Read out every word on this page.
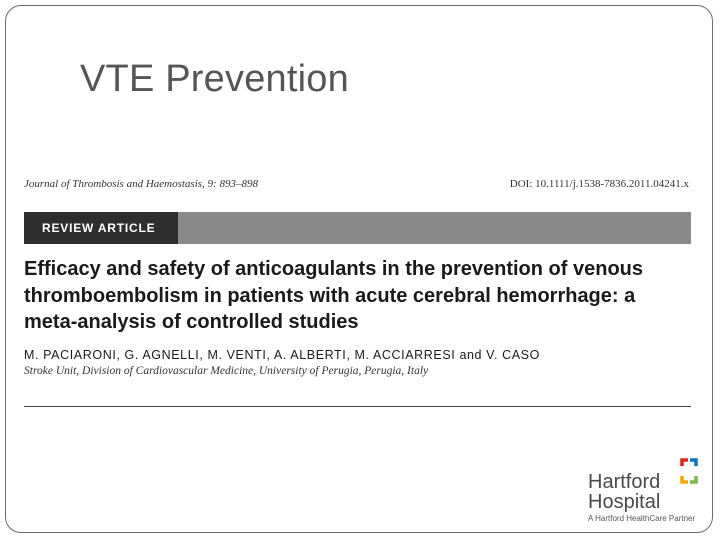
VTE Prevention
Journal of Thrombosis and Haemostasis, 9: 893–898	DOI: 10.1111/j.1538-7836.2011.04241.x
REVIEW ARTICLE
Efficacy and safety of anticoagulants in the prevention of venous thromboembolism in patients with acute cerebral hemorrhage: a meta-analysis of controlled studies
M. PACIARONI, G. AGNELLI, M. VENTI, A. ALBERTI, M. ACCIARRESI and V. CASO
Stroke Unit, Division of Cardiovascular Medicine, University of Perugia, Perugia, Italy
Hartford
Hospital
A Hartford HealthCare Partner
